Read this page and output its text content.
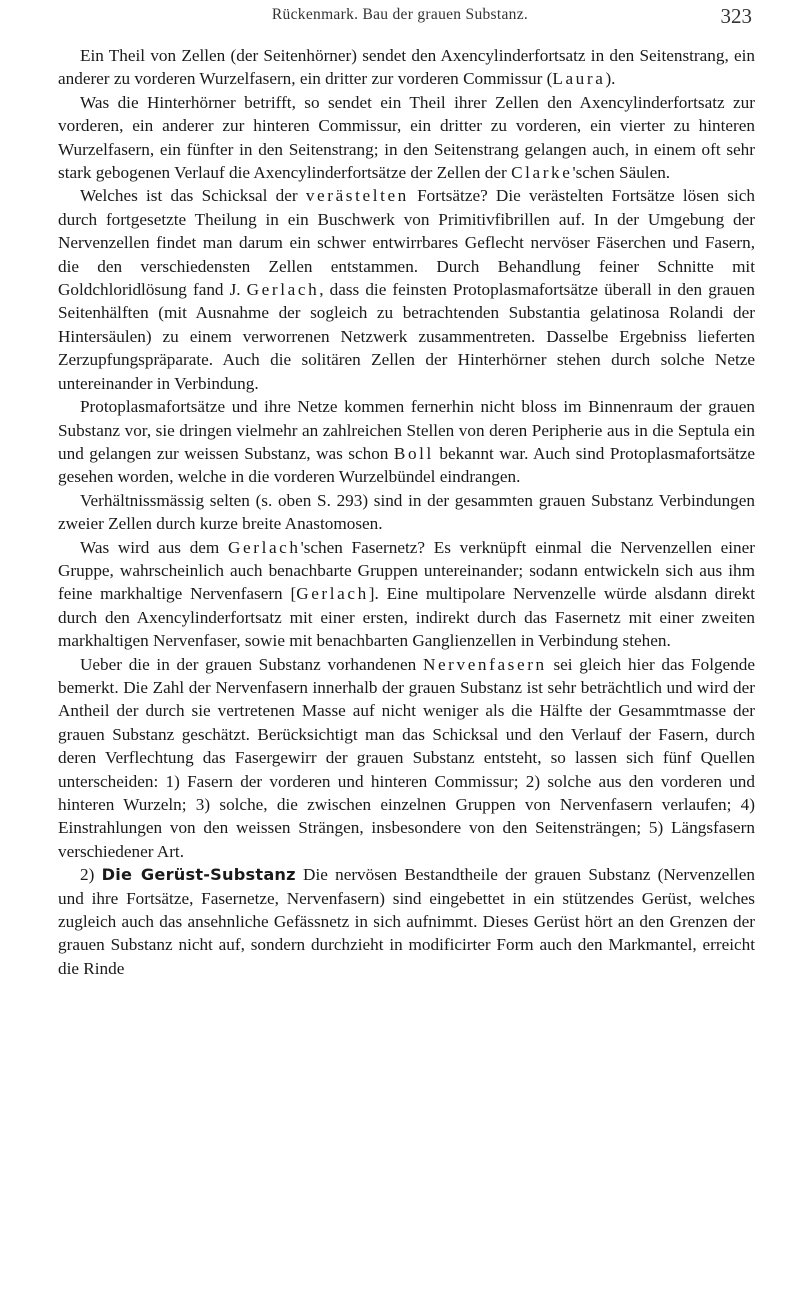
Rückenmark. Bau der grauen Substanz.	323

Ein Theil von Zellen (der Seitenhörner) sendet den Axencylinderfortsatz in den Seitenstrang, ein anderer zu vorderen Wurzelfasern, ein dritter zur vorderen Commissur (Laura).

Was die Hinterhörner betrifft, so sendet ein Theil ihrer Zellen den Axencylinderfortsatz zur vorderen, ein anderer zur hinteren Commissur, ein dritter zu vorderen, ein vierter zu hinteren Wurzelfasern, ein fünfter in den Seitenstrang; in den Seitenstrang gelangen auch, in einem oft sehr stark gebogenen Verlauf die Axencylinderfortsätze der Zellen der Clarke'schen Säulen.

Welches ist das Schicksal der verästelten Fortsätze? Die verästelten Fortsätze lösen sich durch fortgesetzte Theilung in ein Buschwerk von Primitivfibrillen auf. In der Umgebung der Nervenzellen findet man darum ein schwer entwirrbares Geflecht nervöser Fäserchen und Fasern, die den verschiedensten Zellen entstammen. Durch Behandlung feiner Schnitte mit Goldchloridlösung fand J. Gerlach, dass die feinsten Protoplasmafortsätze überall in den grauen Seitenhälften (mit Ausnahme der sogleich zu betrachtenden Substantia gelatinosa Rolandi der Hintersäulen) zu einem verworrenen Netzwerk zusammentreten. Dasselbe Ergebniss lieferten Zerzupfungspräparate. Auch die solitären Zellen der Hinterhörner stehen durch solche Netze untereinander in Verbindung.

Protoplasmafortsätze und ihre Netze kommen fernerhin nicht bloss im Binnenraum der grauen Substanz vor, sie dringen vielmehr an zahlreichen Stellen von deren Peripherie aus in die Septula ein und gelangen zur weissen Substanz, was schon Boll bekannt war. Auch sind Protoplasmafortsätze gesehen worden, welche in die vorderen Wurzelbündel eindrangen.

Verhältnissmässig selten (s. oben S. 293) sind in der gesammten grauen Substanz Verbindungen zweier Zellen durch kurze breite Anastomosen.

Was wird aus dem Gerlach'schen Fasernetz? Es verknüpft einmal die Nervenzellen einer Gruppe, wahrscheinlich auch benachbarte Gruppen untereinander; sodann entwickeln sich aus ihm feine markhaltige Nervenfasern [Gerlach]. Eine multipolare Nervenzelle würde alsdann direkt durch den Axencylinderfortsatz mit einer ersten, indirekt durch das Fasernetz mit einer zweiten markhaltigen Nervenfaser, sowie mit benachbarten Ganglienzellen in Verbindung stehen.

Ueber die in der grauen Substanz vorhandenen Nervenfasern sei gleich hier das Folgende bemerkt. Die Zahl der Nervenfasern innerhalb der grauen Substanz ist sehr beträchtlich und wird der Antheil der durch sie vertretenen Masse auf nicht weniger als die Hälfte der Gesammtmasse der grauen Substanz geschätzt. Berücksichtigt man das Schicksal und den Verlauf der Fasern, durch deren Verflechtung das Fasergewirr der grauen Substanz entsteht, so lassen sich fünf Quellen unterscheiden: 1) Fasern der vorderen und hinteren Commissur; 2) solche aus den vorderen und hinteren Wurzeln; 3) solche, die zwischen einzelnen Gruppen von Nervenfasern verlaufen; 4) Einstrahlungen von den weissen Strängen, insbesondere von den Seitensträngen; 5) Längsfasern verschiedener Art.

2) Die Gerüst-Substanz Die nervösen Bestandtheile der grauen Substanz (Nervenzellen und ihre Fortsätze, Fasernetze, Nervenfasern) sind eingebettet in ein stützendes Gerüst, welches zugleich auch das ansehnliche Gefässnetz in sich aufnimmt. Dieses Gerüst hört an den Grenzen der grauen Substanz nicht auf, sondern durchzieht in modificirter Form auch den Markmantel, erreicht die Rinde
